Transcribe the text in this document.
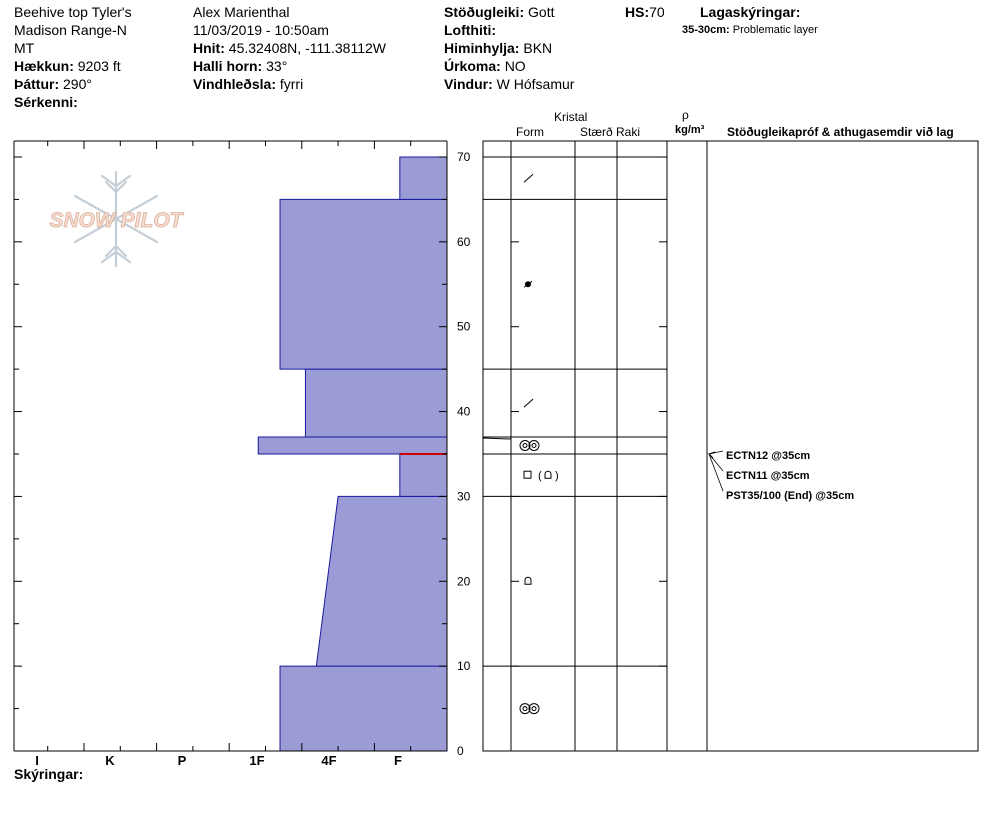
Beehive top Tyler's
Madison Range-N
MT
Hækkun: 9203 ft
Þáttur: 290°
Sérkenni:
Alex Marienthal
11/03/2019 - 10:50am
Hnit: 45.32408N, -111.38112W
Halli horn: 33°
Vindhleðsla: fyrri
Stöðugleiki: Gott
Lofthiti:
Himinhylja: BKN
Úrkoma: NO
Vindur: W Hófsamur
HS:70	Lagaskýringar:
35-30cm: Problematic layer
Kristal
Form	Stærð Raki
ρ
kg/m³ Stöðugleikapróf & athugasemdir við lag
Skýringar:
SNOW PILOT
0
10
20
30
40
50
60
70
I	K	P	1F	4F	F
( )
ECTN12 @35cm
ECTN11 @35cm
PST35/100 (End) @35cm
